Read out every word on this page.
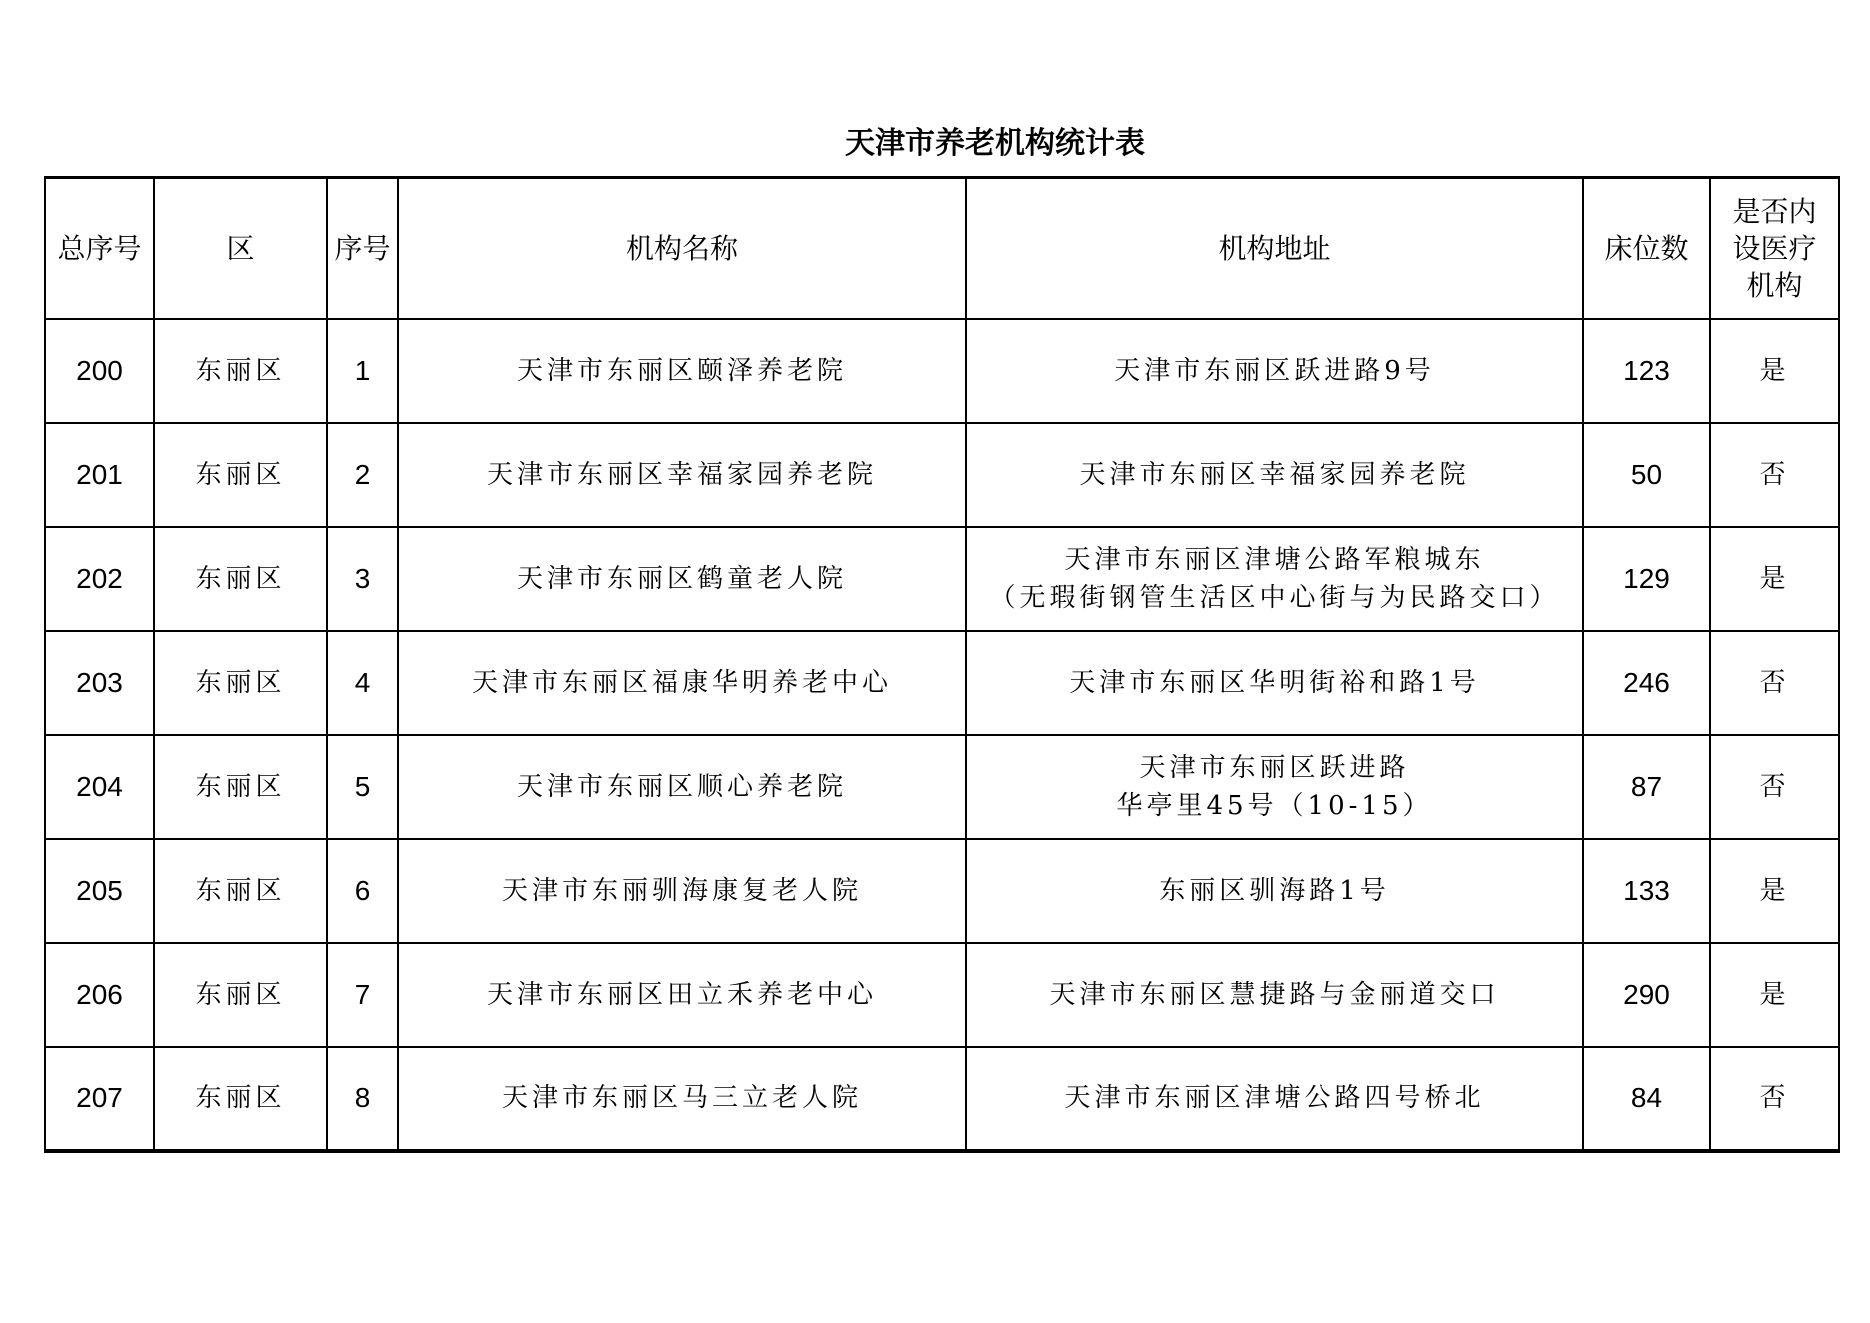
天津市养老机构统计表
总序号	区	序号	机构名称	机构地址	床位数	是否内
设医疗
机构

200	东丽区	1	天津市东丽区颐泽养老院	天津市东丽区跃进路9号	123	是
201	东丽区	2	天津市东丽区幸福家园养老院	天津市东丽区幸福家园养老院	50	否
202	东丽区	3	天津市东丽区鹤童老人院	天津市东丽区津塘公路军粮城东
（无瑕街钢管生活区中心街与为民路交口）	129	是
203	东丽区	4	天津市东丽区福康华明养老中心	天津市东丽区华明街裕和路1号	246	否
204	东丽区	5	天津市东丽区顺心养老院	天津市东丽区跃进路
华亭里45号（10-15）	87	否
205	东丽区	6	天津市东丽驯海康复老人院	东丽区驯海路1号	133	是
206	东丽区	7	天津市东丽区田立禾养老中心	天津市东丽区慧捷路与金丽道交口	290	是
207	东丽区	8	天津市东丽区马三立老人院	天津市东丽区津塘公路四号桥北	84	否
